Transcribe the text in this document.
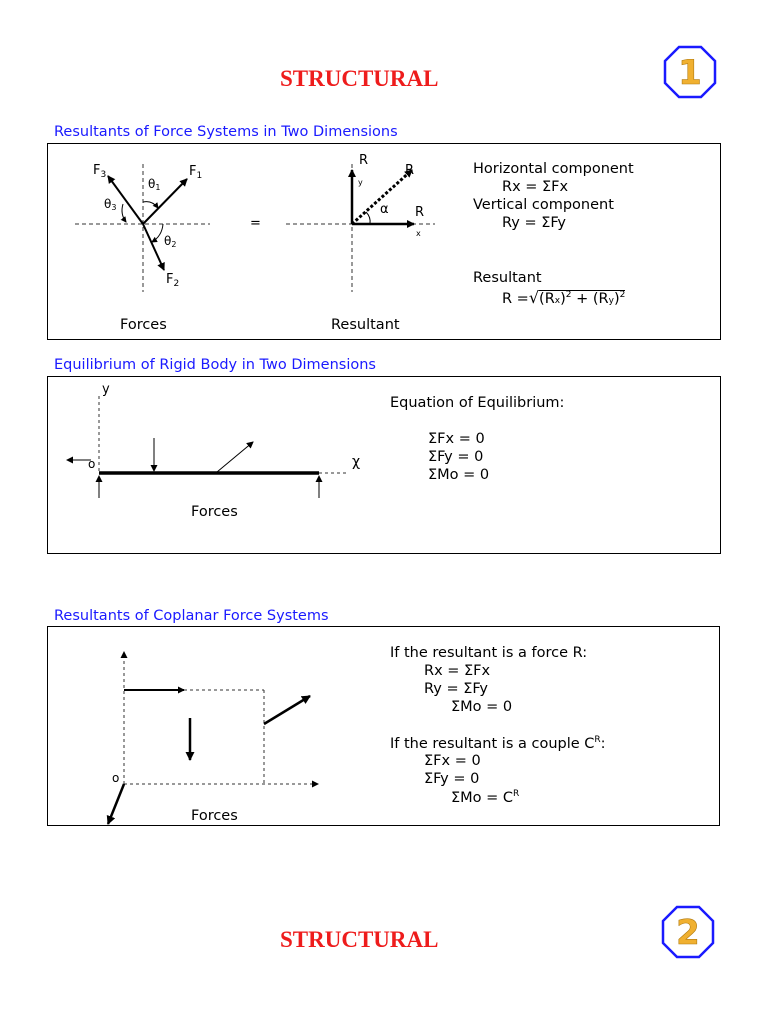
STRUCTURAL	1
Resultants of Force Systems in Two Dimensions
$F_1$
$F_3$
$F_2$
θ1
θ3
θ2
=
R
y
R
α R
x
Forces	Resultant
Horizontal component
Rx = ΣFx
Vertical component
Ry = ΣFy
Resultant
$R =√(Rx)^2 + (Ry)^2$
Equilibrium of Rigid Body in Two Dimensions
y
χ
o
Forces
Equation of Equilibrium:
ΣFx = 0
ΣFy = 0
ΣMo = 0
Resultants of Coplanar Force Systems
o
Forces
If the resultant is a force R:
Rx = ΣFx
Ry = ΣFy
ΣMo = 0
If the resultant is a couple $C^R$:
ΣFx = 0
ΣFy = 0
$\Sigma Mo = C^R$
STRUCTURAL	2
